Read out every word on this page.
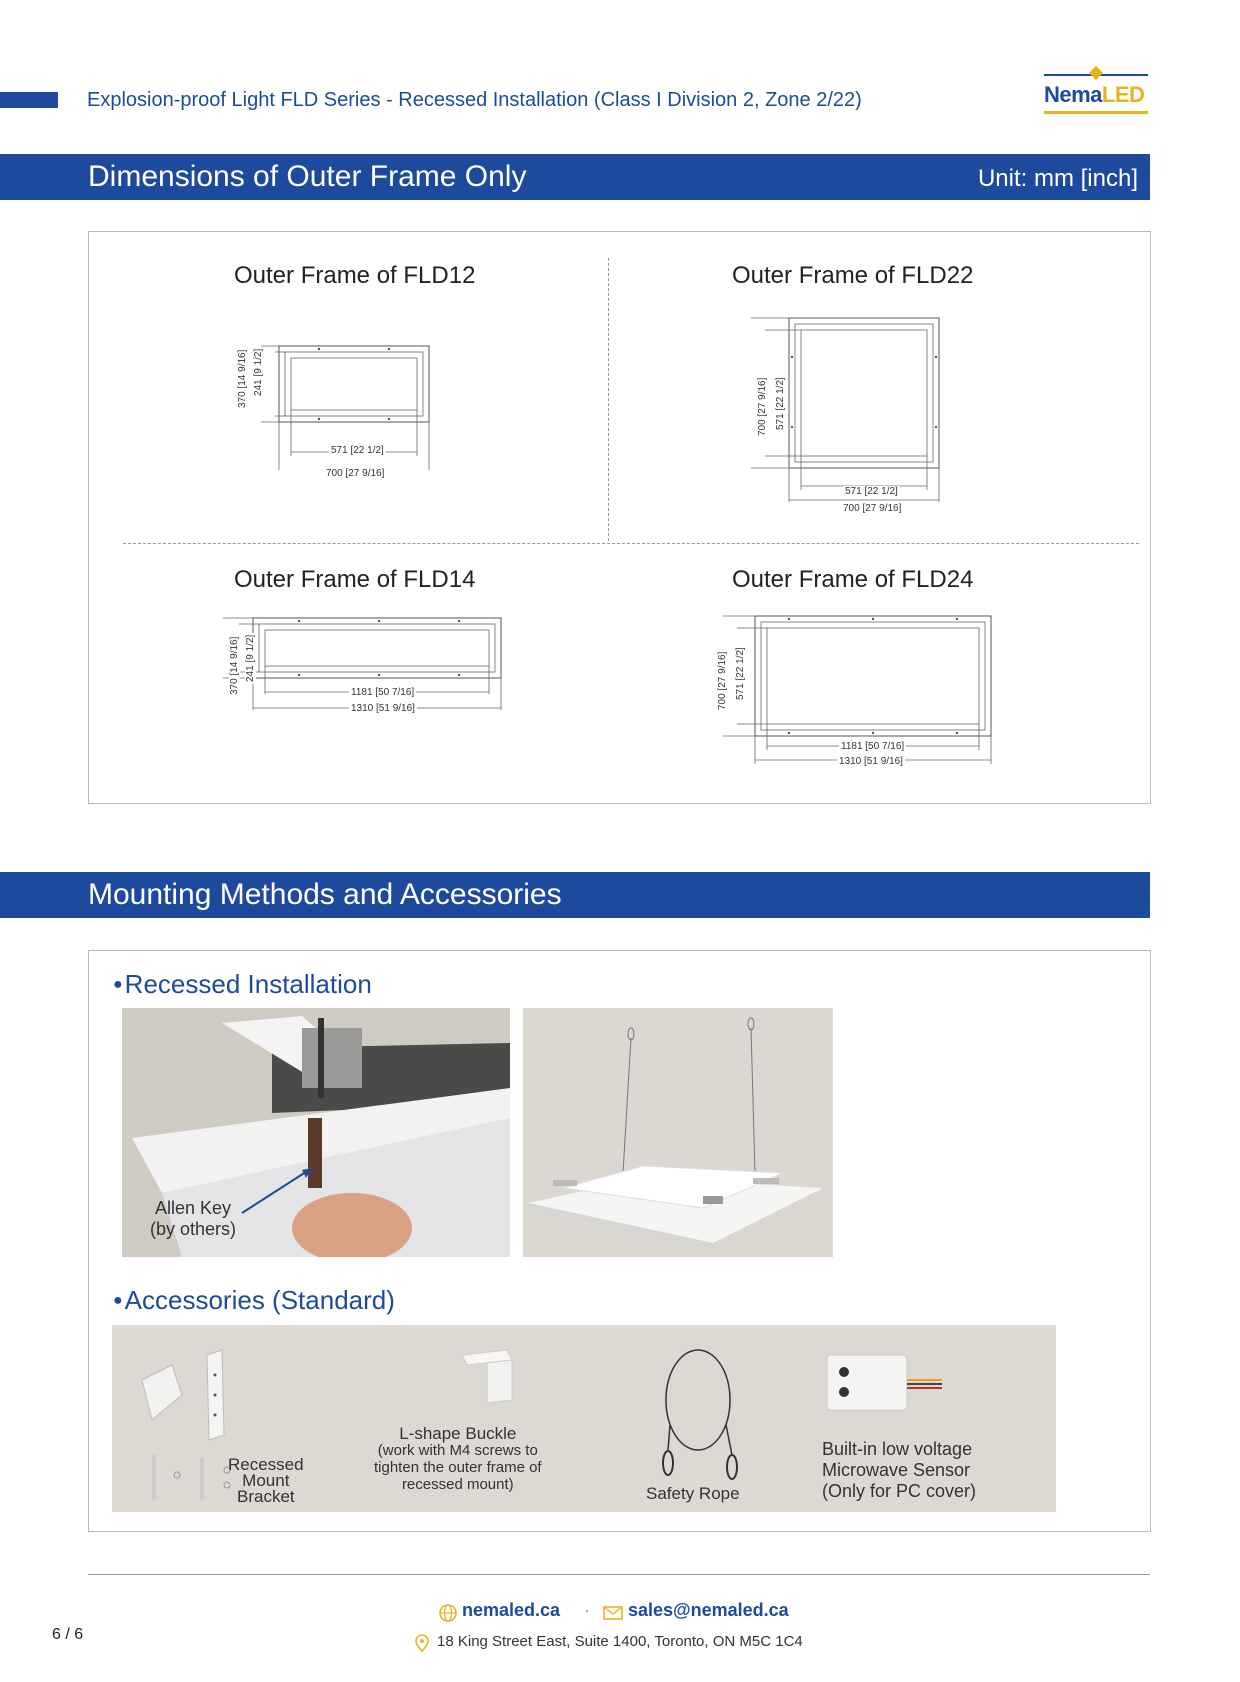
Explosion-proof Light FLD Series - Recessed Installation (Class I Division 2, Zone 2/22)	NemaLED
Dimensions of Outer Frame Only	Unit: mm [inch]
Outer Frame of FLD12
370 [14 9/16] 241 [9 1/2]
571 [22 1/2]
700 [27 9/16]
Outer Frame of FLD22
700 [27 9/16] 571 [22 1/2]
571 [22 1/2]
700 [27 9/16]
Outer Frame of FLD14
370 [14 9/16] 241 [9 1/2]
1181 [50 7/16]
1310 [51 9/16]
Outer Frame of FLD24
700 [27 9/16] 571 [22 1/2]
1181 [50 7/16]
1310 [51 9/16]
Mounting Methods and Accessories
● Recessed Installation
Allen Key
(by others)
● Accessories (Standard)
Recessed
Mount
Bracket
L-shape Buckle
(work with M4 screws to
tighten the outer frame of
recessed mount)	Safety Rope
Built-in low voltage
Microwave Sensor
(Only for PC cover)
nemaled.ca · sales@nemaled.ca
18 King Street East, Suite 1400, Toronto, ON M5C 1C4
6 / 6
